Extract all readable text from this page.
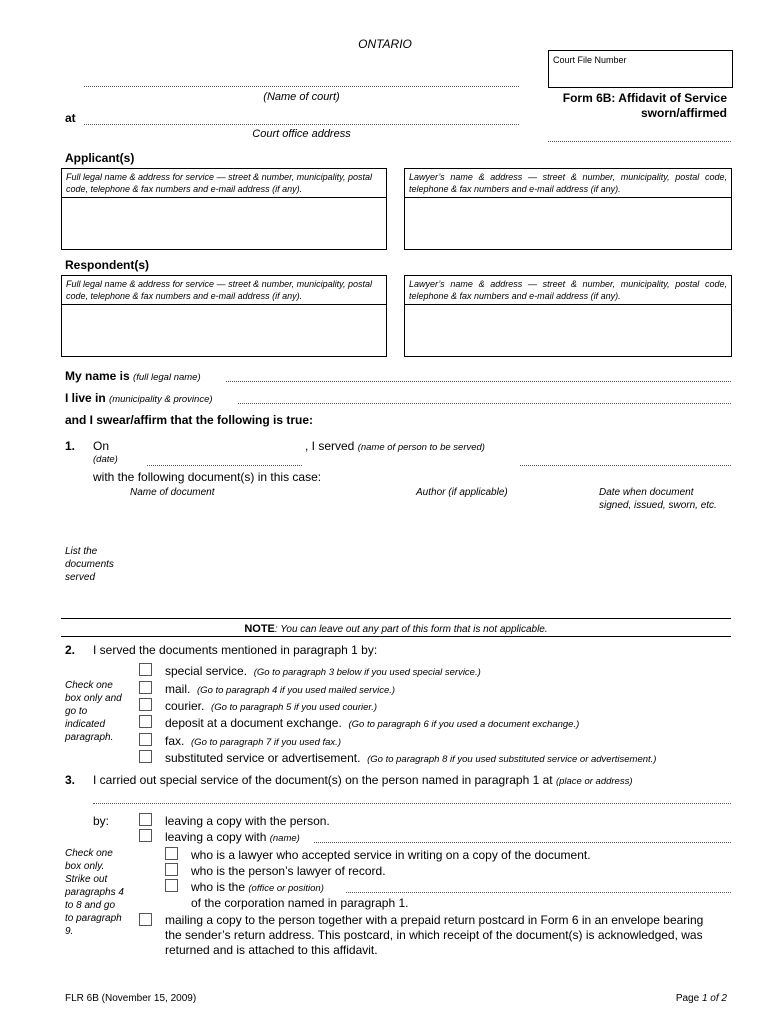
ONTARIO
Court File Number
(Name of court)	Form 6B: Affidavit of Service
sworn/affirmed
at
Court office address
Applicant(s)
Full legal name & address for service — street & number, municipality, postal code, telephone & fax numbers and e-mail address (if any).
Lawyer’s name & address — street & number, municipality, postal code, telephone & fax numbers and e-mail address (if any).
Respondent(s)
Full legal name & address for service — street & number, municipality, postal code, telephone & fax numbers and e-mail address (if any).
Lawyer’s name & address — street & number, municipality, postal code, telephone & fax numbers and e-mail address (if any).
My name is (full legal name)
I live in (municipality & province)
and I swear/affirm that the following is true:
1. On	, I served (name of person to be served)
(date)
with the following document(s) in this case:
Name of document	Author (if applicable)	Date when document
signed, issued, sworn, etc.
List the
documents
served
NOTE: You can leave out any part of this form that is not applicable.
2. I served the documents mentioned in paragraph 1 by:
Check one
box only and
go to
indicated
paragraph.
special service. (Go to paragraph 3 below if you used special service.)
mail. (Go to paragraph 4 if you used mailed service.)
courier. (Go to paragraph 5 if you used courier.)
deposit at a document exchange. (Go to paragraph 6 if you used a document exchange.)
fax. (Go to paragraph 7 if you used fax.)
substituted service or advertisement. (Go to paragraph 8 if you used substituted service or advertisement.)
3. I carried out special service of the document(s) on the person named in paragraph 1 at (place or address)
by:
Check one
box only.
Strike out
paragraphs 4
to 8 and go
to paragraph
9.
leaving a copy with the person.
leaving a copy with (name)
who is a lawyer who accepted service in writing on a copy of the document.
who is the person’s lawyer of record.
who is the (office or position)
of the corporation named in paragraph 1.
mailing a copy to the person together with a prepaid return postcard in Form 6 in an envelope bearing
the sender’s return address. This postcard, in which receipt of the document(s) is acknowledged, was
returned and is attached to this affidavit.
FLR 6B (November 15, 2009)	Page 1 of 2
